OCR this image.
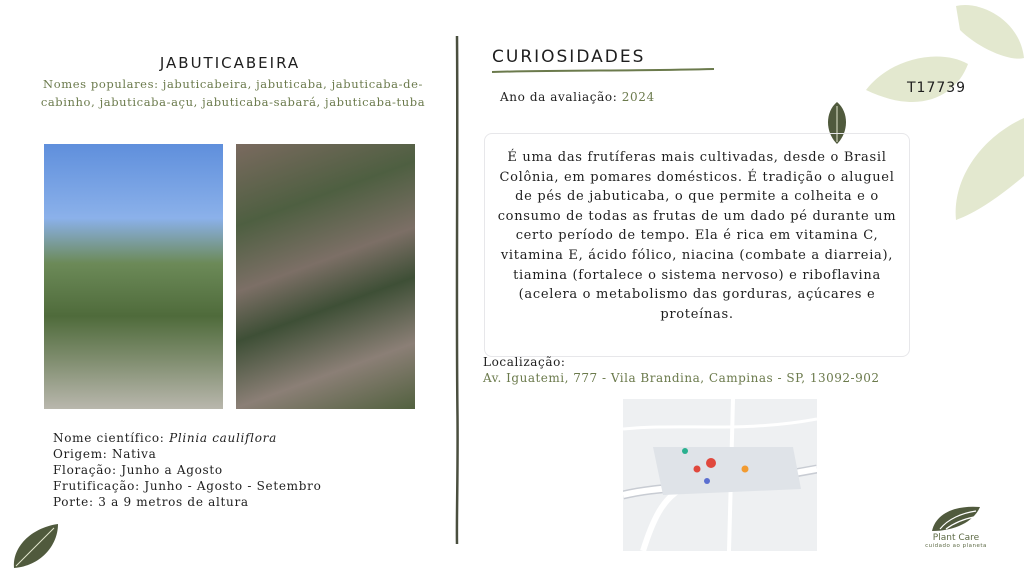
JABUTICABEIRA
Nomes populares: jabuticabeira, jabuticaba, jabuticaba-de-cabinho, jabuticaba-açu, jabuticaba-sabará, jabuticaba-tuba
Nome científico: Plinia cauliflora
Origem: Nativa
Floração: Junho a Agosto
Frutificação: Junho - Agosto - Setembro
Porte: 3 a 9 metros de altura
CURIOSIDADES
Ano da avaliação: 2024
É uma das frutíferas mais cultivadas, desde o Brasil Colônia, em pomares domésticos. É tradição o aluguel de pés de jabuticaba, o que permite a colheita e o consumo de todas as frutas de um dado pé durante um certo período de tempo. Ela é rica em vitamina C, vitamina E, ácido fólico, niacina (combate a diarreia), tiamina (fortalece o sistema nervoso) e riboflavina (acelera o metabolismo das gorduras, açúcares e proteínas.
Localização:
Av. Iguatemi, 777 - Vila Brandina, Campinas - SP, 13092-902
T17739
Plant Care
cuidado ao planeta
